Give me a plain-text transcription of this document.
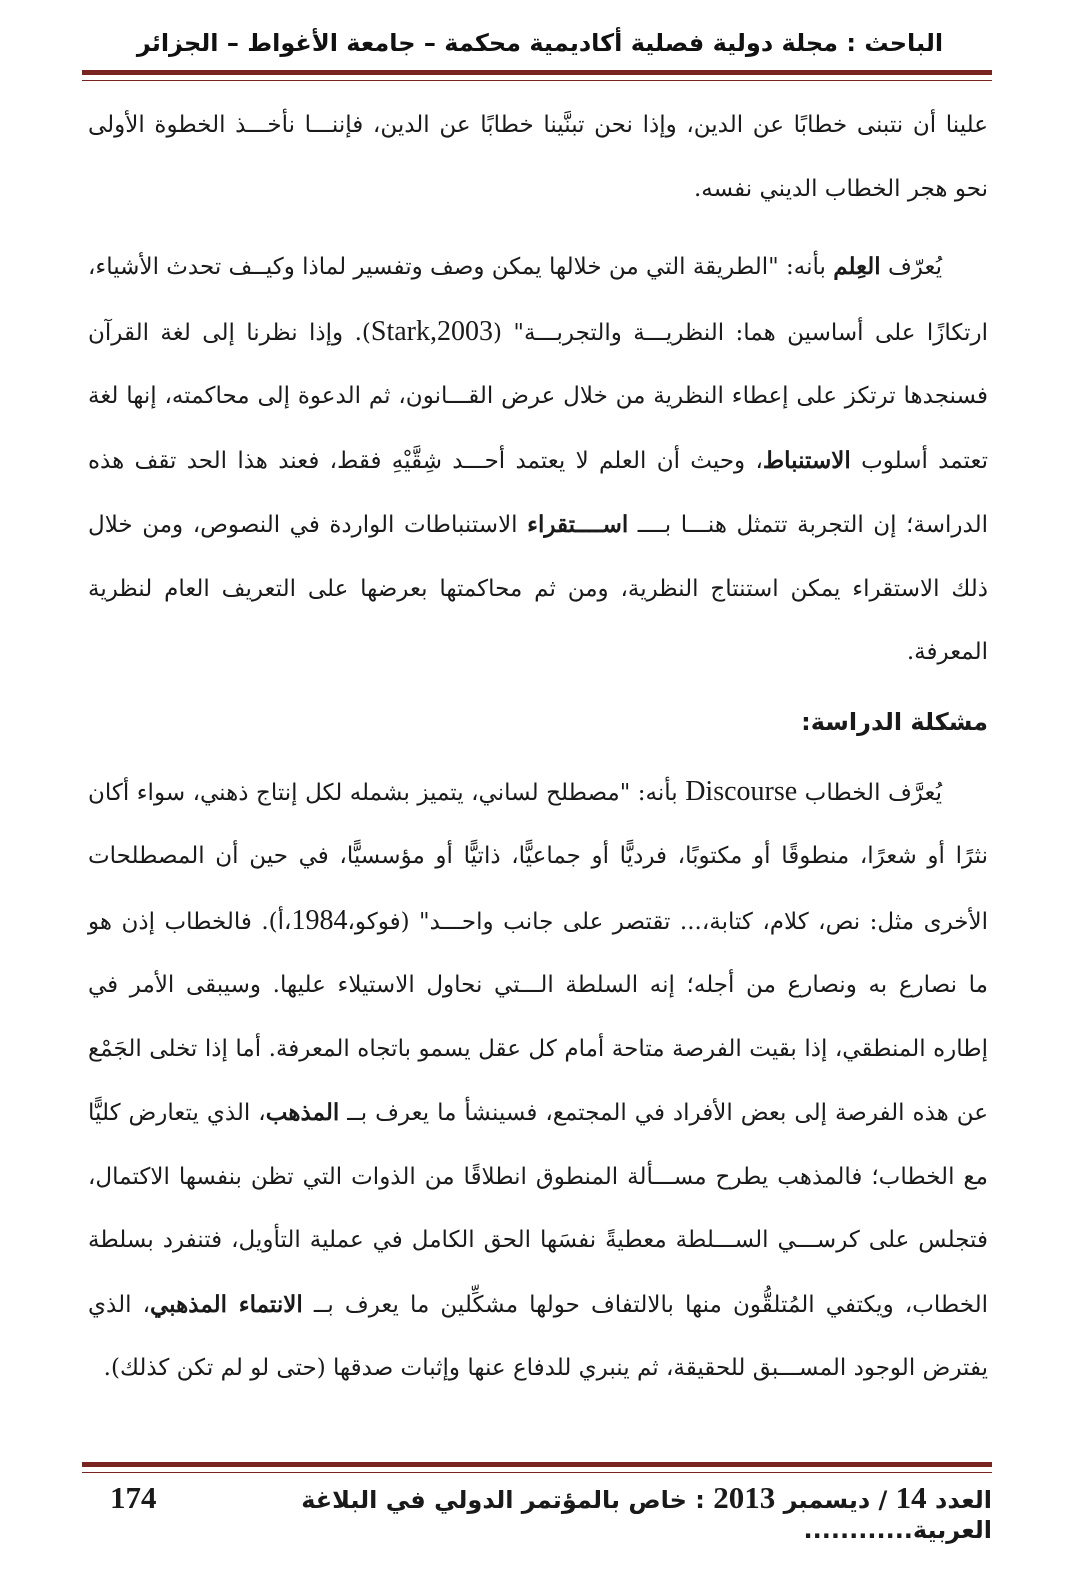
الباحث : مجلة دولية فصلية أكاديمية محكمة – جامعة الأغواط – الجزائر

علينا أن نتبنى خطابًا عن الدين، وإذا نحن تبنَّينا خطابًا عن الدين، فإننـــا نأخـــذ الخطوة الأولى نحو هجر الخطاب الديني نفسه.

يُعرّف العِلم بأنه: "الطريقة التي من خلالها يمكن وصف وتفسير لماذا وكيــف تحدث الأشياء، ارتكازًا على أساسين هما: النظريـــة والتجربـــة" (Stark,2003). وإذا نظرنا إلى لغة القرآن فسنجدها ترتكز على إعطاء النظرية من خلال عرض القـــانون، ثم الدعوة إلى محاكمته، إنها لغة تعتمد أسلوب الاستنباط، وحيث أن العلم لا يعتمد أحـــد شِقَّيْهِ فقط، فعند هذا الحد تقف هذه الدراسة؛ إن التجربة تتمثل هنـــا بــــ اســــتقراء الاستنباطات الواردة في النصوص، ومن خلال ذلك الاستقراء يمكن استنتاج النظرية، ومن ثم محاكمتها بعرضها على التعريف العام لنظرية المعرفة.

مشكلة الدراسة:

يُعرَّف الخطاب Discourse بأنه: "مصطلح لساني، يتميز بشمله لكل إنتاج ذهني، سواء أكان نثرًا أو شعرًا، منطوقًا أو مكتوبًا، فرديًّا أو جماعيًّا، ذاتيًّا أو مؤسسيًّا، في حين أن المصطلحات الأخرى مثل: نص، كلام، كتابة،... تقتصر على جانب واحـــد" (فوكو،1984،أ). فالخطاب إذن هو ما نصارع به ونصارع من أجله؛ إنه السلطة الـــتي نحاول الاستيلاء عليها. وسيبقى الأمر في إطاره المنطقي، إذا بقيت الفرصة متاحة أمام كل عقل يسمو باتجاه المعرفة. أما إذا تخلى الجَمْع عن هذه الفرصة إلى بعض الأفراد في المجتمع، فسينشأ ما يعرف بــ المذهب، الذي يتعارض كليًّا مع الخطاب؛ فالمذهب يطرح مســـألة المنطوق انطلاقًا من الذوات التي تظن بنفسها الاكتمال، فتجلس على كرســـي الســـلطة معطيةً نفسَها الحق الكامل في عملية التأويل، فتنفرد بسلطة الخطاب، ويكتفي المُتلقُّون منها بالالتفاف حولها مشكِّلين ما يعرف بــ الانتماء المذهبي، الذي يفترض الوجود المســـبق للحقيقة، ثم ينبري للدفاع عنها وإثبات صدقها (حتى لو لم تكن كذلك).

العدد 14 / ديسمبر 2013 : خاص بالمؤتمر الدولي في البلاغة العربية............
174
